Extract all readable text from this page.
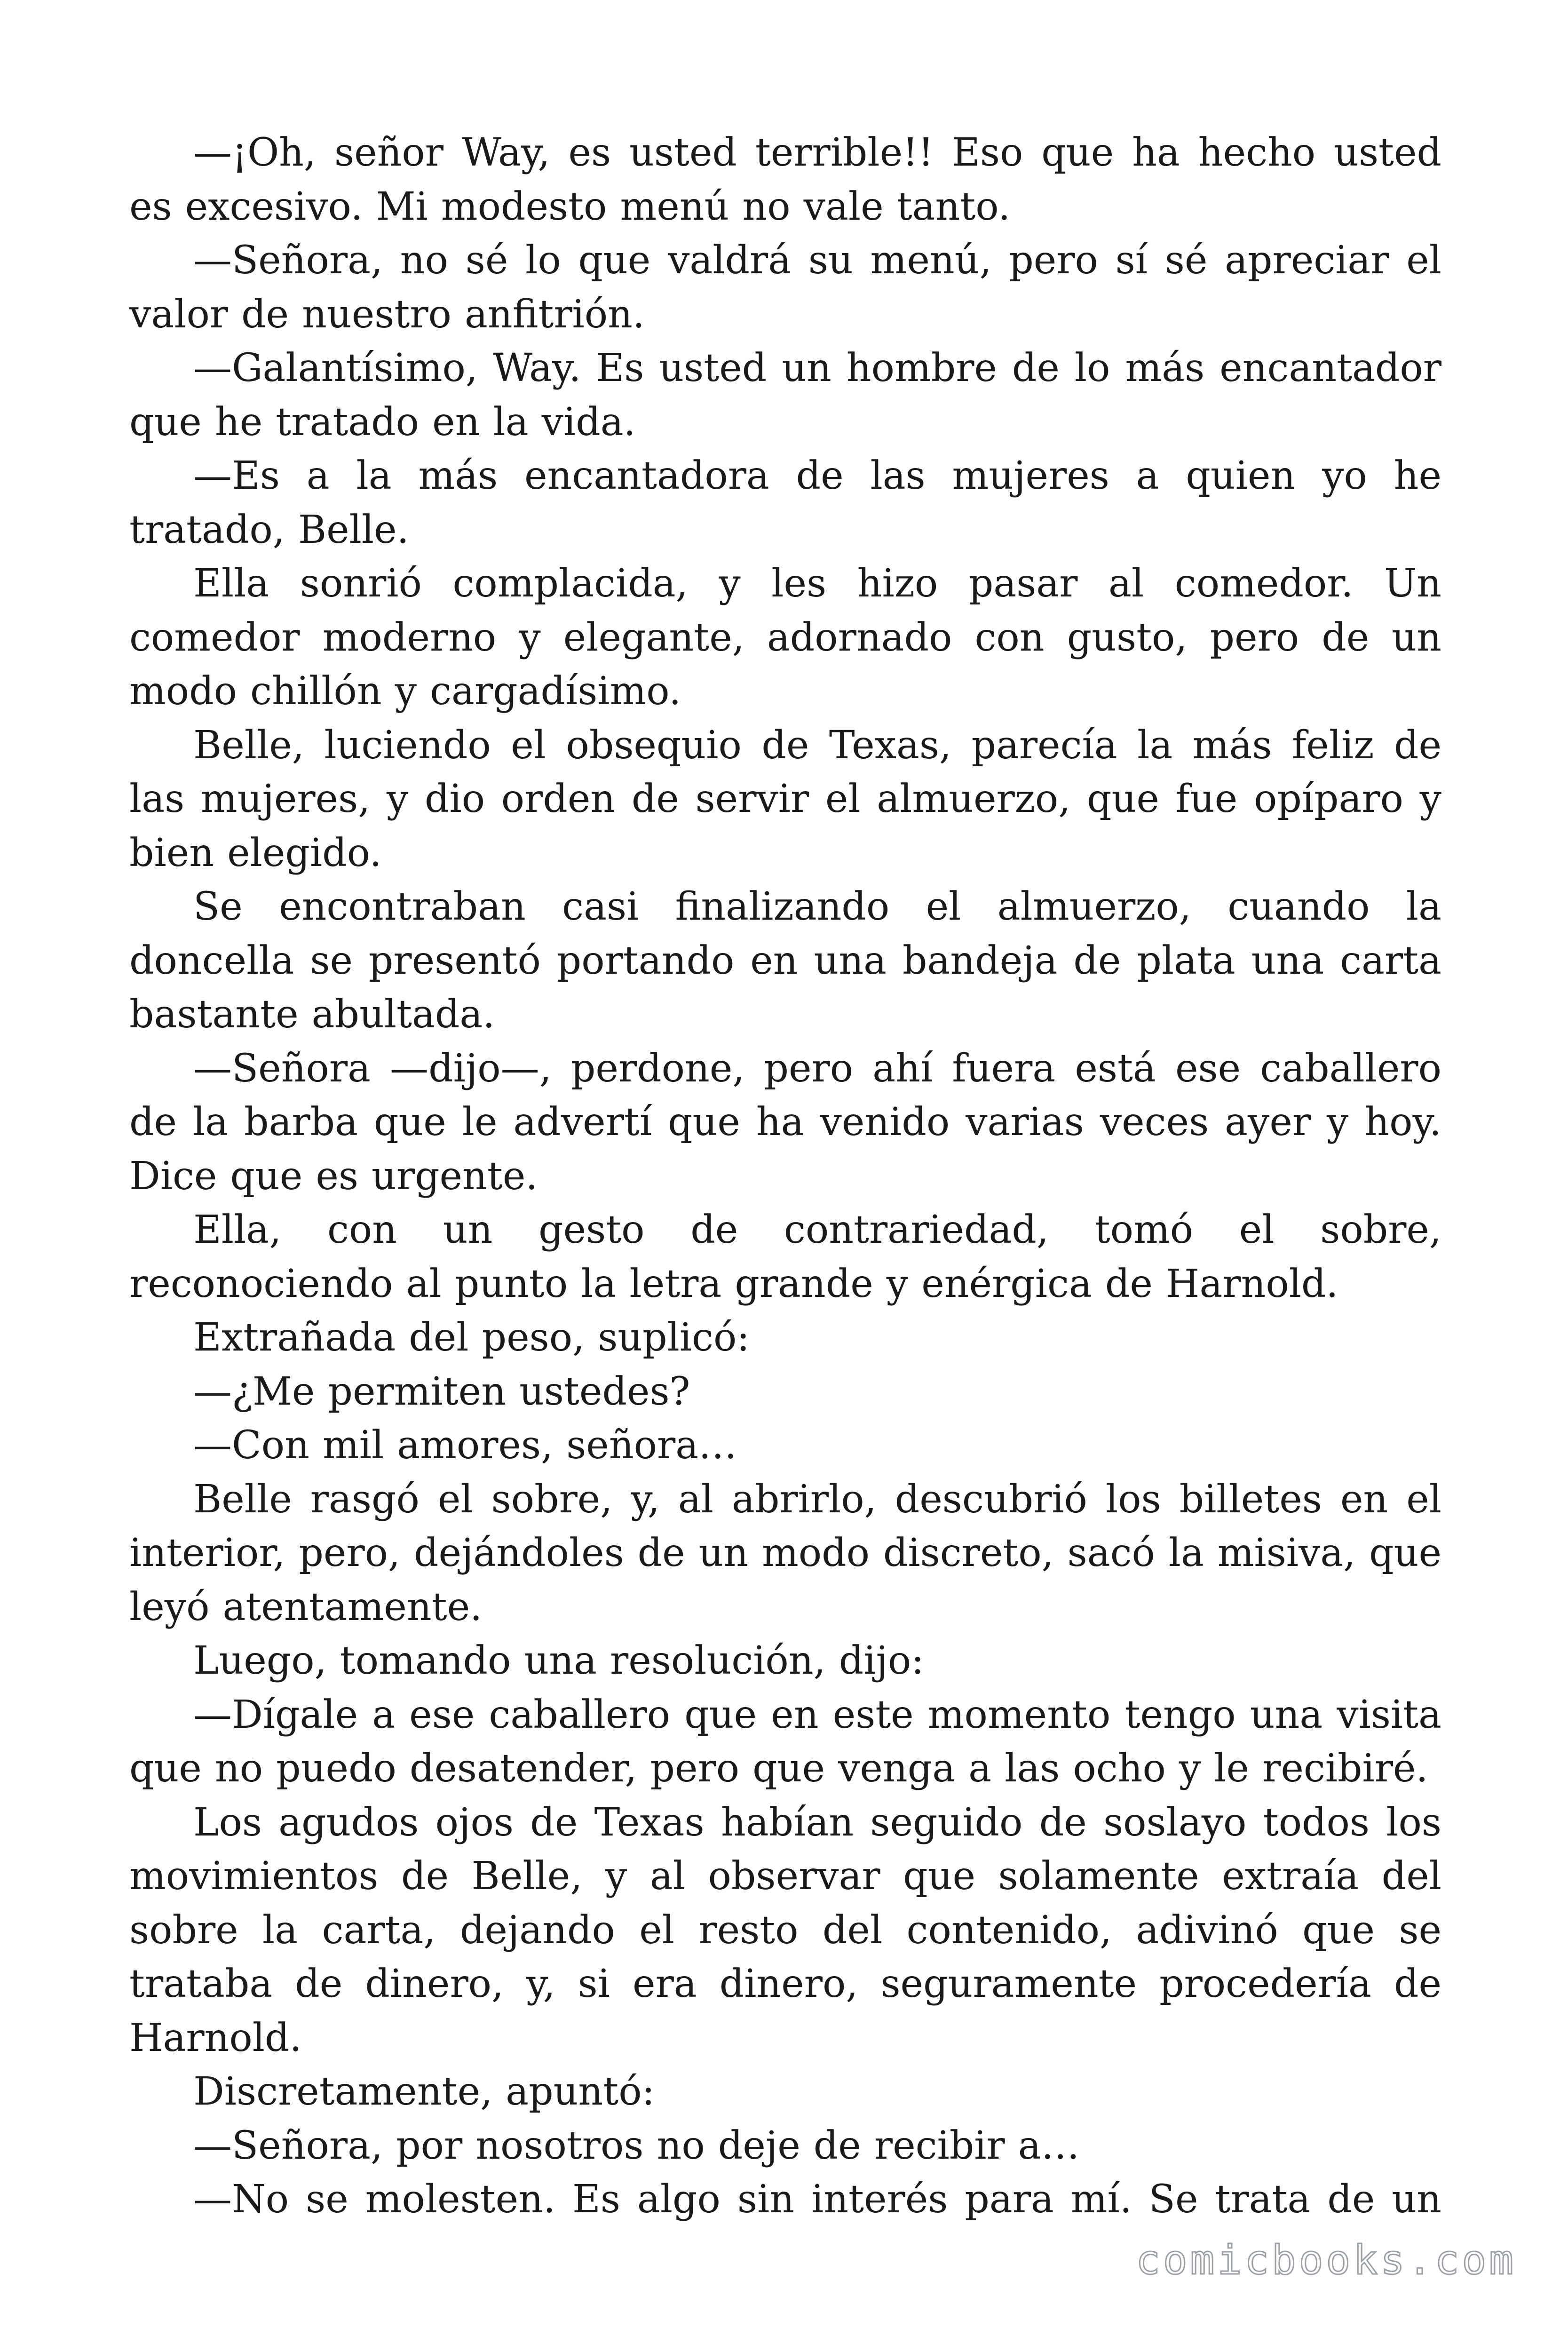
—¡Oh, señor Way, es usted terrible!! Eso que ha hecho usted es excesivo. Mi modesto menú no vale tanto.

—Señora, no sé lo que valdrá su menú, pero sí sé apreciar el valor de nuestro anfitrión.

—Galantísimo, Way. Es usted un hombre de lo más encantador que he tratado en la vida.

—Es a la más encantadora de las mujeres a quien yo he tratado, Belle.

Ella sonrió complacida, y les hizo pasar al comedor. Un comedor moderno y elegante, adornado con gusto, pero de un modo chillón y cargadísimo.

Belle, luciendo el obsequio de Texas, parecía la más feliz de las mujeres, y dio orden de servir el almuerzo, que fue opíparo y bien elegido.

Se encontraban casi finalizando el almuerzo, cuando la doncella se presentó portando en una bandeja de plata una carta bastante abultada.

—Señora —dijo—, perdone, pero ahí fuera está ese caballero de la barba que le advertí que ha venido varias veces ayer y hoy. Dice que es urgente.

Ella, con un gesto de contrariedad, tomó el sobre, reconociendo al punto la letra grande y enérgica de Harnold.

Extrañada del peso, suplicó:

—¿Me permiten ustedes?

—Con mil amores, señora…

Belle rasgó el sobre, y, al abrirlo, descubrió los billetes en el interior, pero, dejándoles de un modo discreto, sacó la misiva, que leyó atentamente.

Luego, tomando una resolución, dijo:

—Dígale a ese caballero que en este momento tengo una visita que no puedo desatender, pero que venga a las ocho y le recibiré.

Los agudos ojos de Texas habían seguido de soslayo todos los movimientos de Belle, y al observar que solamente extraía del sobre la carta, dejando el resto del contenido, adivinó que se trataba de dinero, y, si era dinero, seguramente procedería de Harnold.

Discretamente, apuntó:

—Señora, por nosotros no deje de recibir a…

—No se molesten. Es algo sin interés para mí. Se trata de un

comicbooks.com
